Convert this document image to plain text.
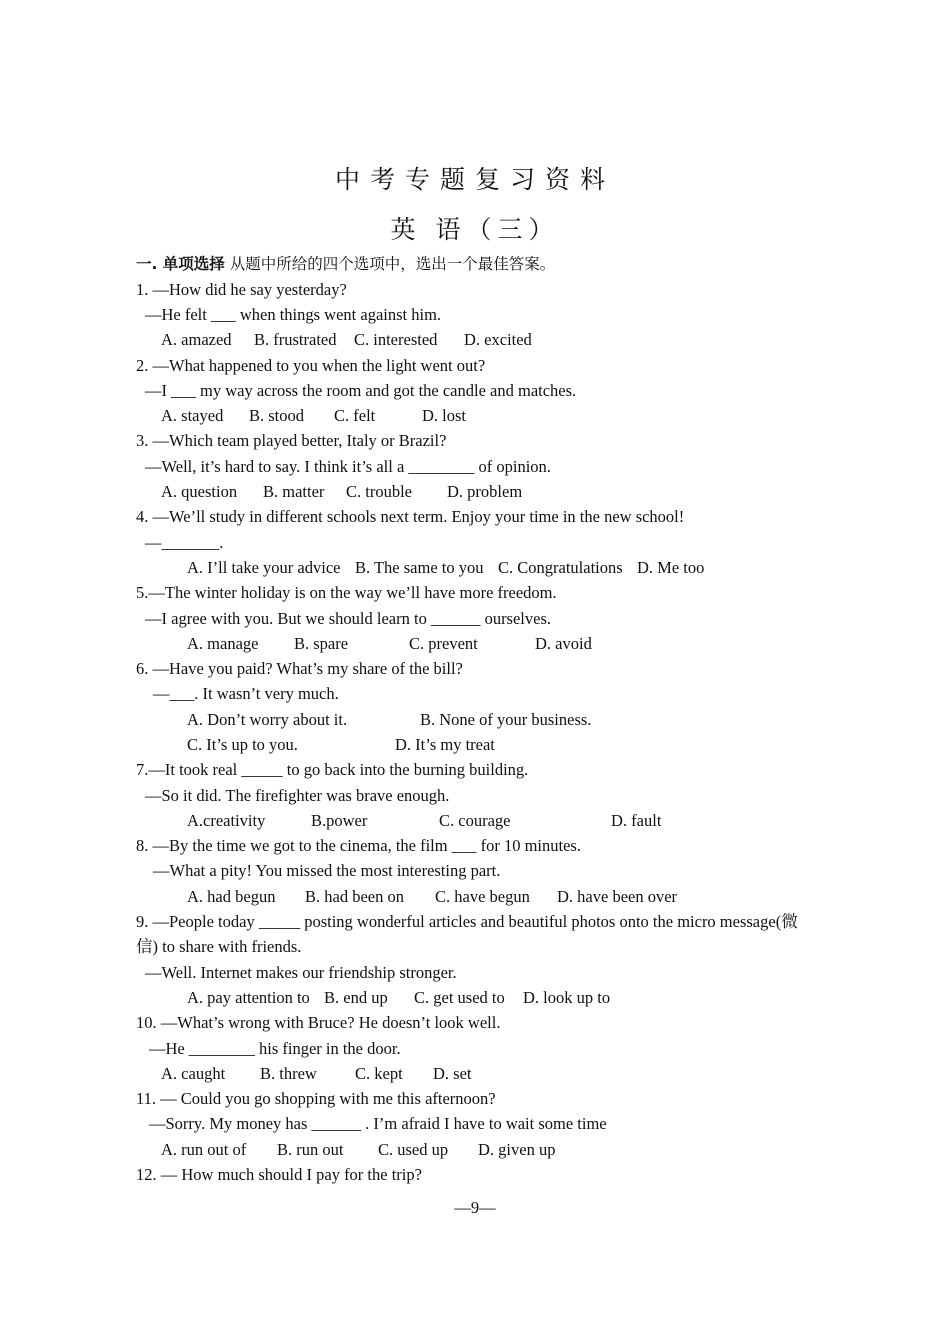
中考专题复习资料
英 语（三）
一. 单项选择 从题中所给的四个选项中，选出一个最佳答案。
1. —How did he say yesterday?
—He felt ___ when things went against him.
A. amazed B. frustrated C. interested D. excited
2. —What happened to you when the light went out?
—I ___ my way across the room and got the candle and matches.
A. stayed B. stood C. felt	D. lost
3. —Which team played better, Italy or Brazil?
—Well, it’s hard to say. I think it’s all a ________ of opinion.
A. question B. matter C. trouble D. problem
4. —We’ll study in different schools next term. Enjoy your time in the new school!
—_______.
A. I’ll take your advice B. The same to you C. Congratulations D. Me too
5.—The winter holiday is on the way we’ll have more freedom.
—I agree with you. But we should learn to ______ ourselves.
A. manage B. spare	C. prevent	D. avoid
6. —Have you paid? What’s my share of the bill?
—___. It wasn’t very much.
A. Don’t worry about it.	B. None of your business.
C. It’s up to you.	D. It’s my treat
7.—It took real _____ to go back into the burning building.
—So it did. The firefighter was brave enough.
A.creativity	B.power	C. courage	D. fault
8. —By the time we got to the cinema, the film ___ for 10 minutes.
—What a pity! You missed the most interesting part.
A. had begun B. had been on C. have begun D. have been over
9. —People today _____ posting wonderful articles and beautiful photos onto the micro message(微
信) to share with friends.
—Well. Internet makes our friendship stronger.
A. pay attention to B. end up C. get used to D. look up to
10. —What’s wrong with Bruce? He doesn’t look well.
—He ________ his finger in the door.
A. caught B. threw C. kept D. set
11. — Could you go shopping with me this afternoon?
—Sorry. My money has ______ . I’m afraid I have to wait some time
A. run out of B. run out C. used up D. given up
12. — How much should I pay for the trip?
—9—
